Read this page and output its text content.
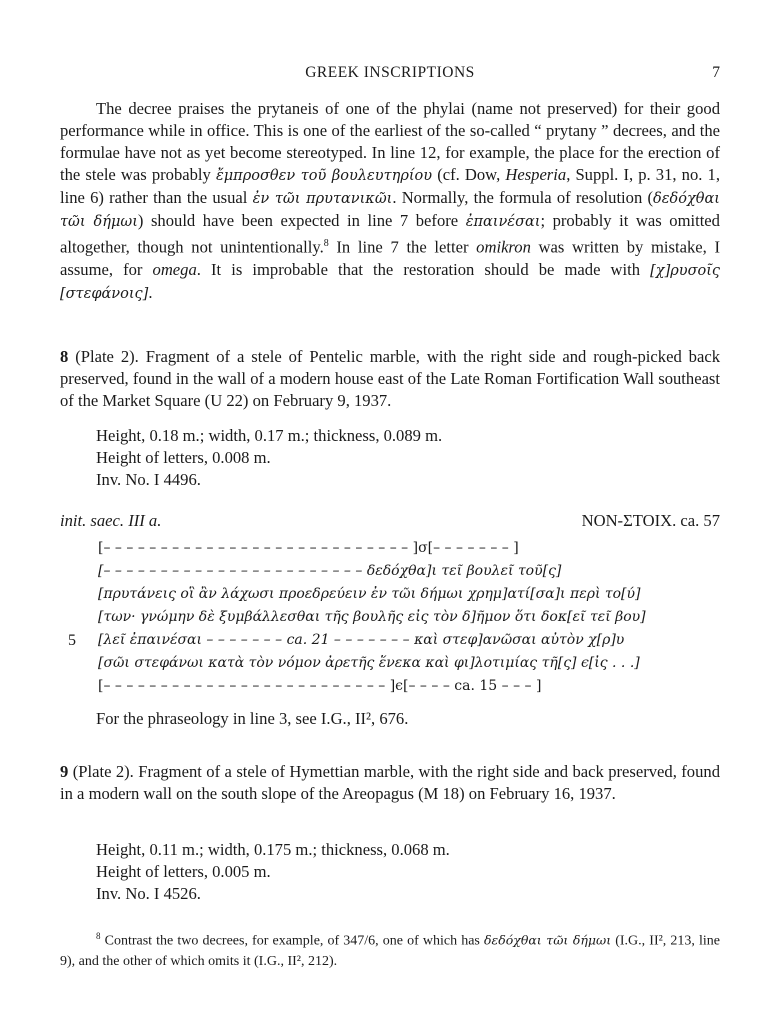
GREEK INSCRIPTIONS	7
The decree praises the prytaneis of one of the phylai (name not preserved) for their good performance while in office. This is one of the earliest of the so-called “ prytany ” decrees, and the formulae have not as yet become stereotyped. In line 12, for example, the place for the erection of the stele was probably ἔμπροσθεν τοῦ βουλευτηρίου (cf. Dow, Hesperia, Suppl. I, p. 31, no. 1, line 6) rather than the usual ἐν τῶι πρυτανικῶι. Normally, the formula of resolution (δεδόχθαι τῶι δήμωι) should have been expected in line 7 before ἐπαινέσαι; probably it was omitted altogether, though not unintentionally.$^8$ In line 7 the letter omikron was written by mistake, I assume, for omega. It is improbable that the restoration should be made with [χ]ρυσοῖς [στεφάνοις].
8 (Plate 2). Fragment of a stele of Pentelic marble, with the right side and rough-picked back preserved, found in the wall of a modern house east of the Late Roman Fortification Wall southeast of the Market Square (U 22) on February 9, 1937.
Height, 0.18 m.; width, 0.17 m.; thickness, 0.089 m.
Height of letters, 0.008 m.
Inv. No. I 4496.
init. saec. III a.	NON-ΣTOIX. ca. 57
[– – – – – – – – – – – – – – – – – – – – – – – – – – – ]σ[– – – – – – – ]
[– – – – – – – – – – – – – – – – – – – – – – – δεδόχθα]ι τεῖ βουλεῖ τοῦ[ς]
[πρυτάνεις οἳ ἂν λάχωσι προεδρεύειν ἐν τῶι δήμωι χρημ]ατί[σα]ι περὶ το[ύ]
[των· γνώμην δὲ ξυμβάλλεσθαι τῆς βουλῆς εἰς τὸν δ]ῆμον ὅτι δοκ[εῖ τεῖ βου]
5 [λεῖ ἐπαινέσαι – – – – – – – ca. 21 – – – – – – – καὶ στεφ]ανῶσαι αὐτὸν χ[ρ]υ
[σῶι στεφάνωι κατὰ τὸν νόμον ἀρετῆς ἕνεκα καὶ φι]λοτιμίας τῆ[ς] ϵ[ἰς . . .]
[– – – – – – – – – – – – – – – – – – – – – – – – – ]ϵ[– – – – ca. 15 – – – ]
For the phraseology in line 3, see I.G., II², 676.
9 (Plate 2). Fragment of a stele of Hymettian marble, with the right side and back preserved, found in a modern wall on the south slope of the Areopagus (M 18) on February 16, 1937.
Height, 0.11 m.; width, 0.175 m.; thickness, 0.068 m.
Height of letters, 0.005 m.
Inv. No. I 4526.
$^8$ Contrast the two decrees, for example, of 347/6, one of which has δεδόχθαι τῶι δήμωι (I.G., II², 213, line 9), and the other of which omits it (I.G., II², 212).
